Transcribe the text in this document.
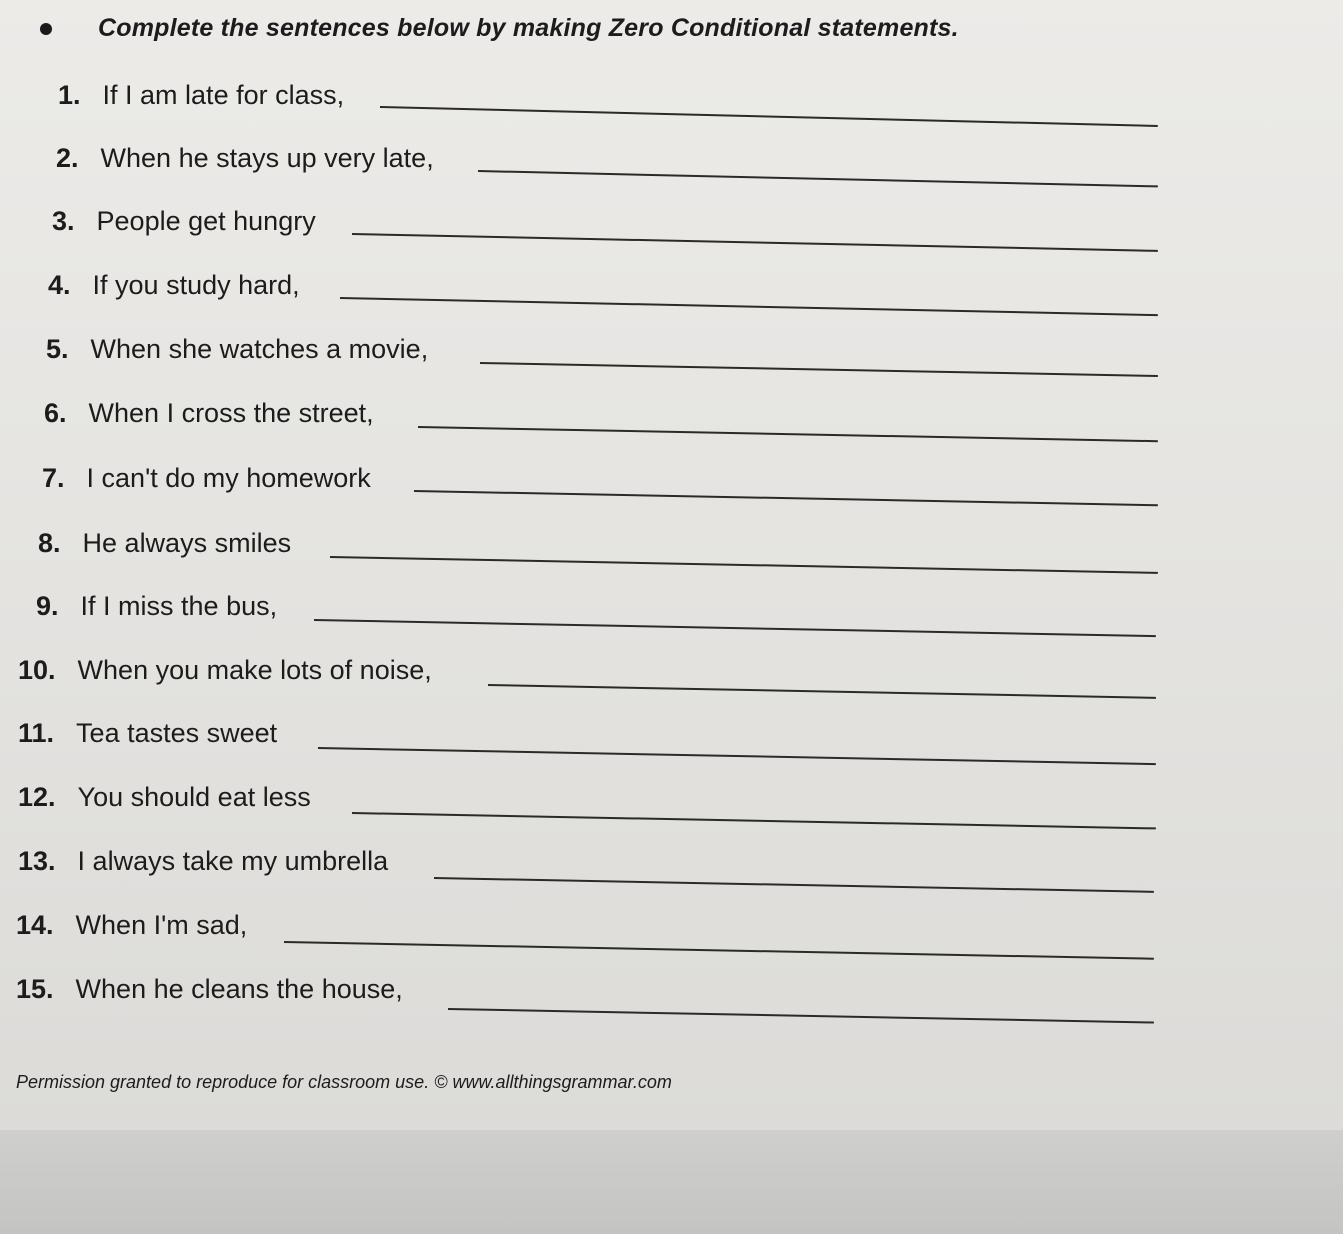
Complete the sentences below by making Zero Conditional statements.
1. If I am late for class,
2. When he stays up very late,
3. People get hungry
4. If you study hard,
5. When she watches a movie,
6. When I cross the street,
7. I can't do my homework
8. He always smiles
9. If I miss the bus,
10. When you make lots of noise,
11. Tea tastes sweet
12. You should eat less
13. I always take my umbrella
14. When I'm sad,
15. When he cleans the house,
Permission granted to reproduce for classroom use. © www.allthingsgrammar.com
